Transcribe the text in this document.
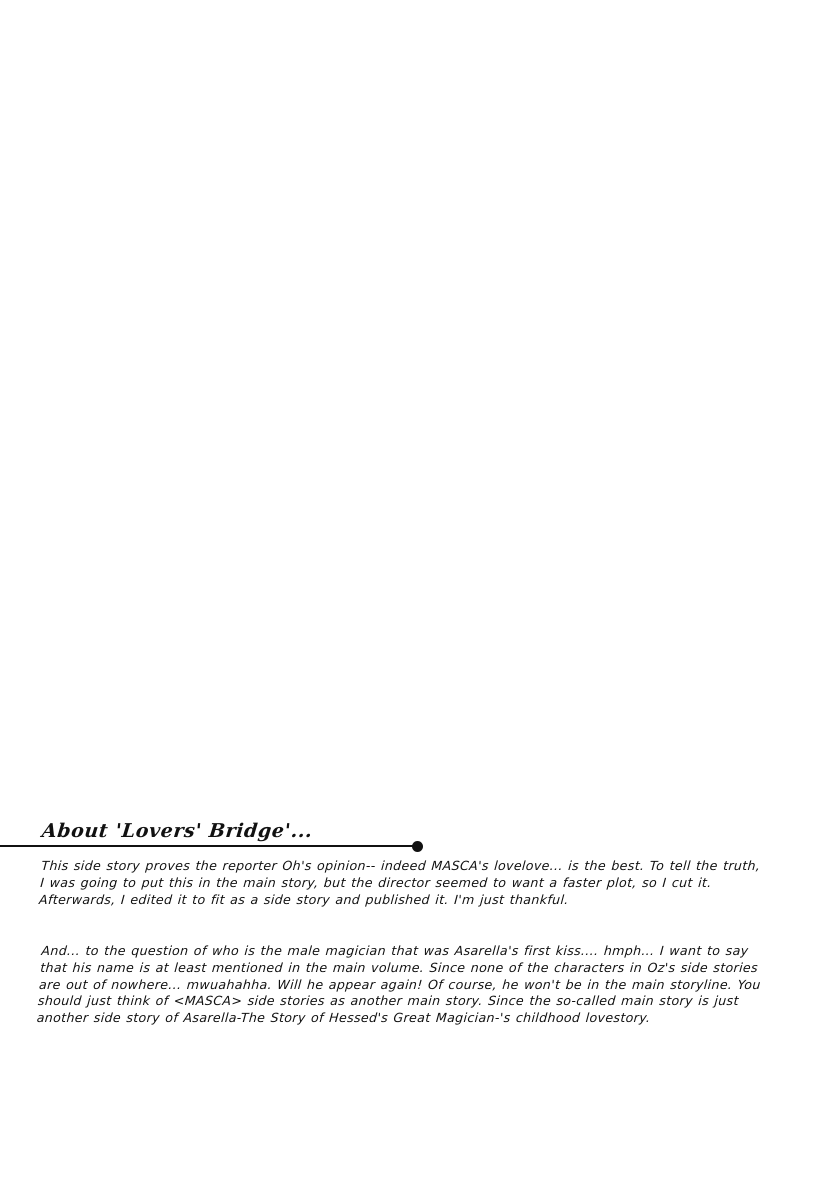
About 'Lovers' Bridge'...

This side story proves the reporter Oh's opinion-- indeed MASCA's lovelove... is the best. To tell the truth, I was going to put this in the main story, but the director seemed to want a faster plot, so I cut it. Afterwards, I edited it to fit as a side story and published it. I'm just thankful.

And... to the question of who is the male magician that was Asarella's first kiss.... hmph... I want to say that his name is at least mentioned in the main volume. Since none of the characters in Oz's side stories are out of nowhere... mwuahahha. Will he appear again! Of course, he won't be in the main storyline. You should just think of <MASCA> side stories as another main story. Since the so-called main story is just another side story of Asarella-The Story of Hessed's Great Magician-'s childhood lovestory.
